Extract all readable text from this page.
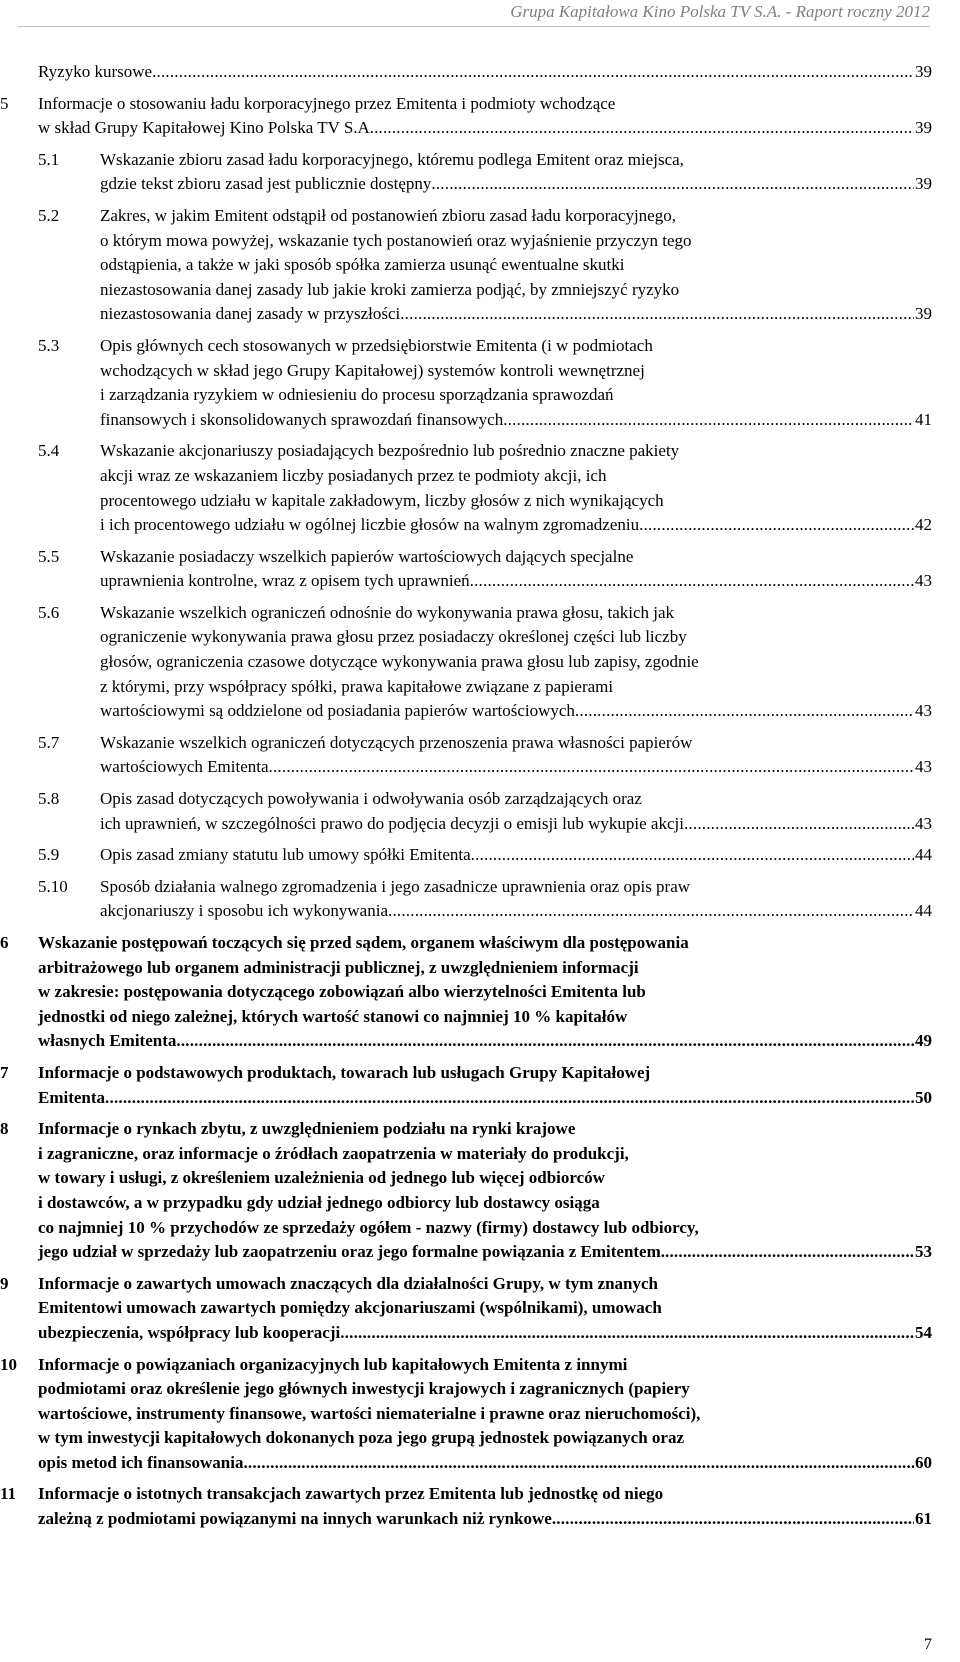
Grupa Kapitałowa Kino Polska TV S.A. - Raport roczny 2012
Ryzyko kursowe .....	39
5 Informacje o stosowaniu ładu korporacyjnego przez Emitenta i podmioty wchodzące
w skład Grupy Kapitałowej Kino Polska TV S.A. .....	39
5.1 Wskazanie zbioru zasad ładu korporacyjnego, któremu podlega Emitent oraz miejsca,
gdzie tekst zbioru zasad jest publicznie dostępny .....	39
5.2 Zakres, w jakim Emitent odstąpił od postanowień zbioru zasad ładu korporacyjnego,
o którym mowa powyżej, wskazanie tych postanowień oraz wyjaśnienie przyczyn tego
odstąpienia, a także w jaki sposób spółka zamierza usunąć ewentualne skutki
niezastosowania danej zasady lub jakie kroki zamierza podjąć, by zmniejszyć ryzyko
niezastosowania danej zasady w przyszłości .....	39
5.3 Opis głównych cech stosowanych w przedsiębiorstwie Emitenta (i w podmiotach
wchodzących w skład jego Grupy Kapitałowej) systemów kontroli wewnętrznej
i zarządzania ryzykiem w odniesieniu do procesu sporządzania sprawozdań
finansowych i skonsolidowanych sprawozdań finansowych .....	41
5.4 Wskazanie akcjonariuszy posiadających bezpośrednio lub pośrednio znaczne pakiety
akcji wraz ze wskazaniem liczby posiadanych przez te podmioty akcji, ich
procentowego udziału w kapitale zakładowym, liczby głosów z nich wynikających
i ich procentowego udziału w ogólnej liczbie głosów na walnym zgromadzeniu .....	42
5.5 Wskazanie posiadaczy wszelkich papierów wartościowych dających specjalne
uprawnienia kontrolne, wraz z opisem tych uprawnień .....	43
5.6 Wskazanie wszelkich ograniczeń odnośnie do wykonywania prawa głosu, takich jak
ograniczenie wykonywania prawa głosu przez posiadaczy określonej części lub liczby
głosów, ograniczenia czasowe dotyczące wykonywania prawa głosu lub zapisy, zgodnie
z którymi, przy współpracy spółki, prawa kapitałowe związane z papierami
wartościowymi są oddzielone od posiadania papierów wartościowych .....	43
5.7 Wskazanie wszelkich ograniczeń dotyczących przenoszenia prawa własności papierów
wartościowych Emitenta .....	43
5.8 Opis zasad dotyczących powoływania i odwoływania osób zarządzających oraz
ich uprawnień, w szczególności prawo do podjęcia decyzji o emisji lub wykupie akcji .....	43
5.9 Opis zasad zmiany statutu lub umowy spółki Emitenta .....	44
5.10 Sposób działania walnego zgromadzenia i jego zasadnicze uprawnienia oraz opis praw
akcjonariuszy i sposobu ich wykonywania .....	44
6 Wskazanie postępowań toczących się przed sądem, organem właściwym dla postępowania
arbitrażowego lub organem administracji publicznej, z uwzględnieniem informacji
w zakresie: postępowania dotyczącego zobowiązań albo wierzytelności Emitenta lub
jednostki od niego zależnej, których wartość stanowi co najmniej 10 % kapitałów
własnych Emitenta .....	49
7 Informacje o podstawowych produktach, towarach lub usługach Grupy Kapitałowej
Emitenta .....	50
8 Informacje o rynkach zbytu, z uwzględnieniem podziału na rynki krajowe
i zagraniczne, oraz informacje o źródłach zaopatrzenia w materiały do produkcji,
w towary i usługi, z określeniem uzależnienia od jednego lub więcej odbiorców
i dostawców, a w przypadku gdy udział jednego odbiorcy lub dostawcy osiąga
co najmniej 10 % przychodów ze sprzedaży ogółem - nazwy (firmy) dostawcy lub odbiorcy,
jego udział w sprzedaży lub zaopatrzeniu oraz jego formalne powiązania z Emitentem. .....	53
9 Informacje o zawartych umowach znaczących dla działalności Grupy, w tym znanych
Emitentowi umowach zawartych pomiędzy akcjonariuszami (wspólnikami), umowach
ubezpieczenia, współpracy lub kooperacji .....	54
10 Informacje o powiązaniach organizacyjnych lub kapitałowych Emitenta z innymi
podmiotami oraz określenie jego głównych inwestycji krajowych i zagranicznych (papiery
wartościowe, instrumenty finansowe, wartości niematerialne i prawne oraz nieruchomości),
w tym inwestycji kapitałowych dokonanych poza jego grupą jednostek powiązanych oraz
opis metod ich finansowania .....	60
11 Informacje o istotnych transakcjach zawartych przez Emitenta lub jednostkę od niego
zależną z podmiotami powiązanymi na innych warunkach niż rynkowe .....	61
7
